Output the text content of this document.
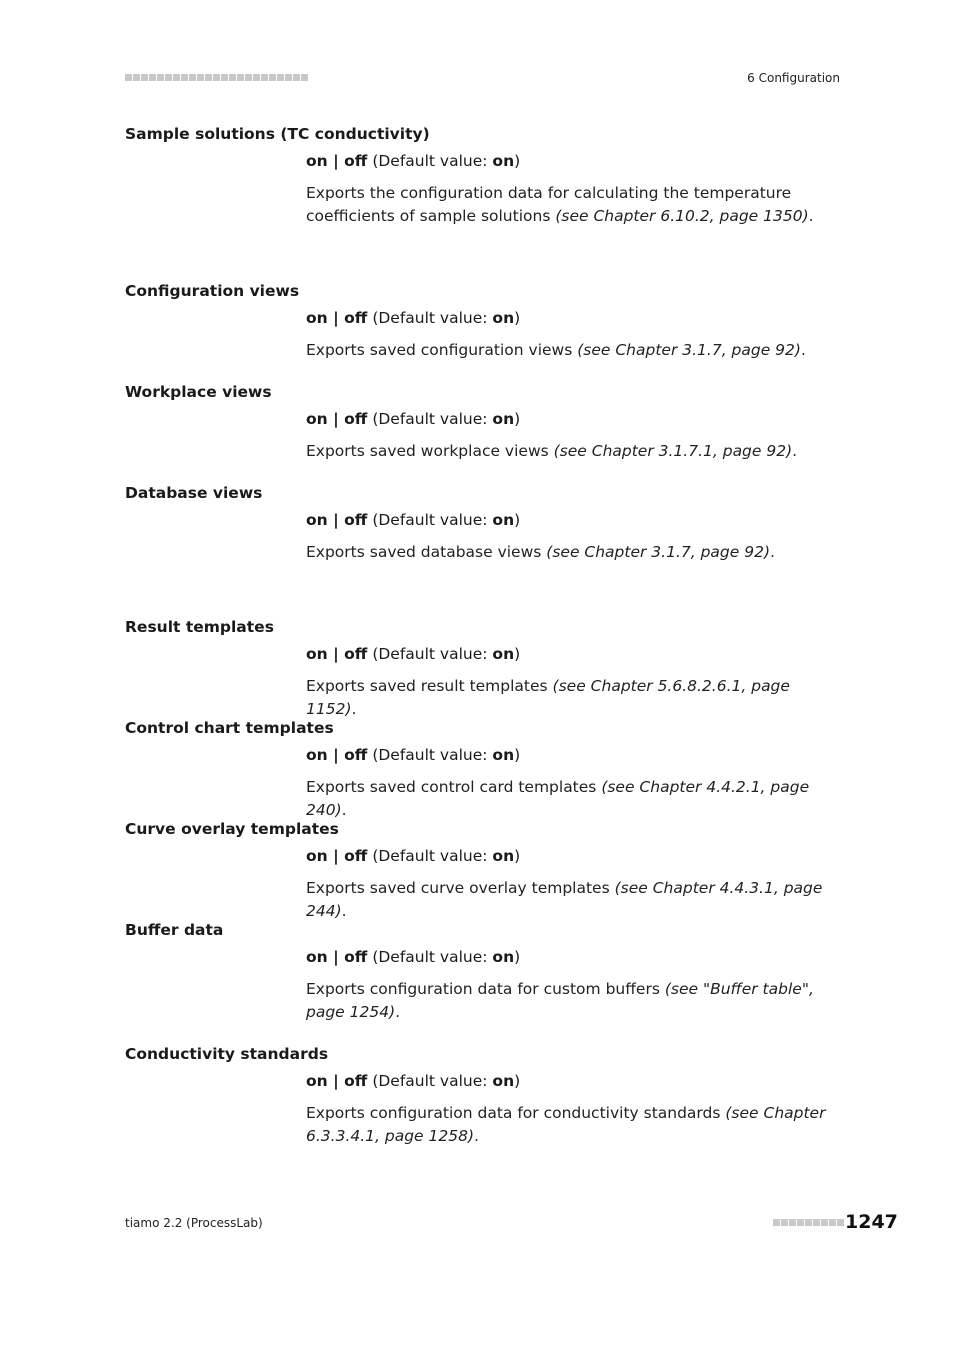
6 Configuration

Sample solutions (TC conductivity)

on | off (Default value: on)
Exports the configuration data for calculating the temperature coefficients of sample solutions (see Chapter 6.10.2, page 1350).

Configuration views

on | off (Default value: on)
Exports saved configuration views (see Chapter 3.1.7, page 92).

Workplace views

on | off (Default value: on)
Exports saved workplace views (see Chapter 3.1.7.1, page 92).

Database views

on | off (Default value: on)
Exports saved database views (see Chapter 3.1.7, page 92).

Result templates

on | off (Default value: on)
Exports saved result templates (see Chapter 5.6.8.2.6.1, page 1152).

Control chart templates

on | off (Default value: on)
Exports saved control card templates (see Chapter 4.4.2.1, page 240).

Curve overlay templates

on | off (Default value: on)
Exports saved curve overlay templates (see Chapter 4.4.3.1, page 244).

Buffer data

on | off (Default value: on)
Exports configuration data for custom buffers (see "Buffer table", page 1254).

Conductivity standards

on | off (Default value: on)
Exports configuration data for conductivity standards (see Chapter 6.3.3.4.1, page 1258).
tiamo 2.2 (ProcessLab)	1247
